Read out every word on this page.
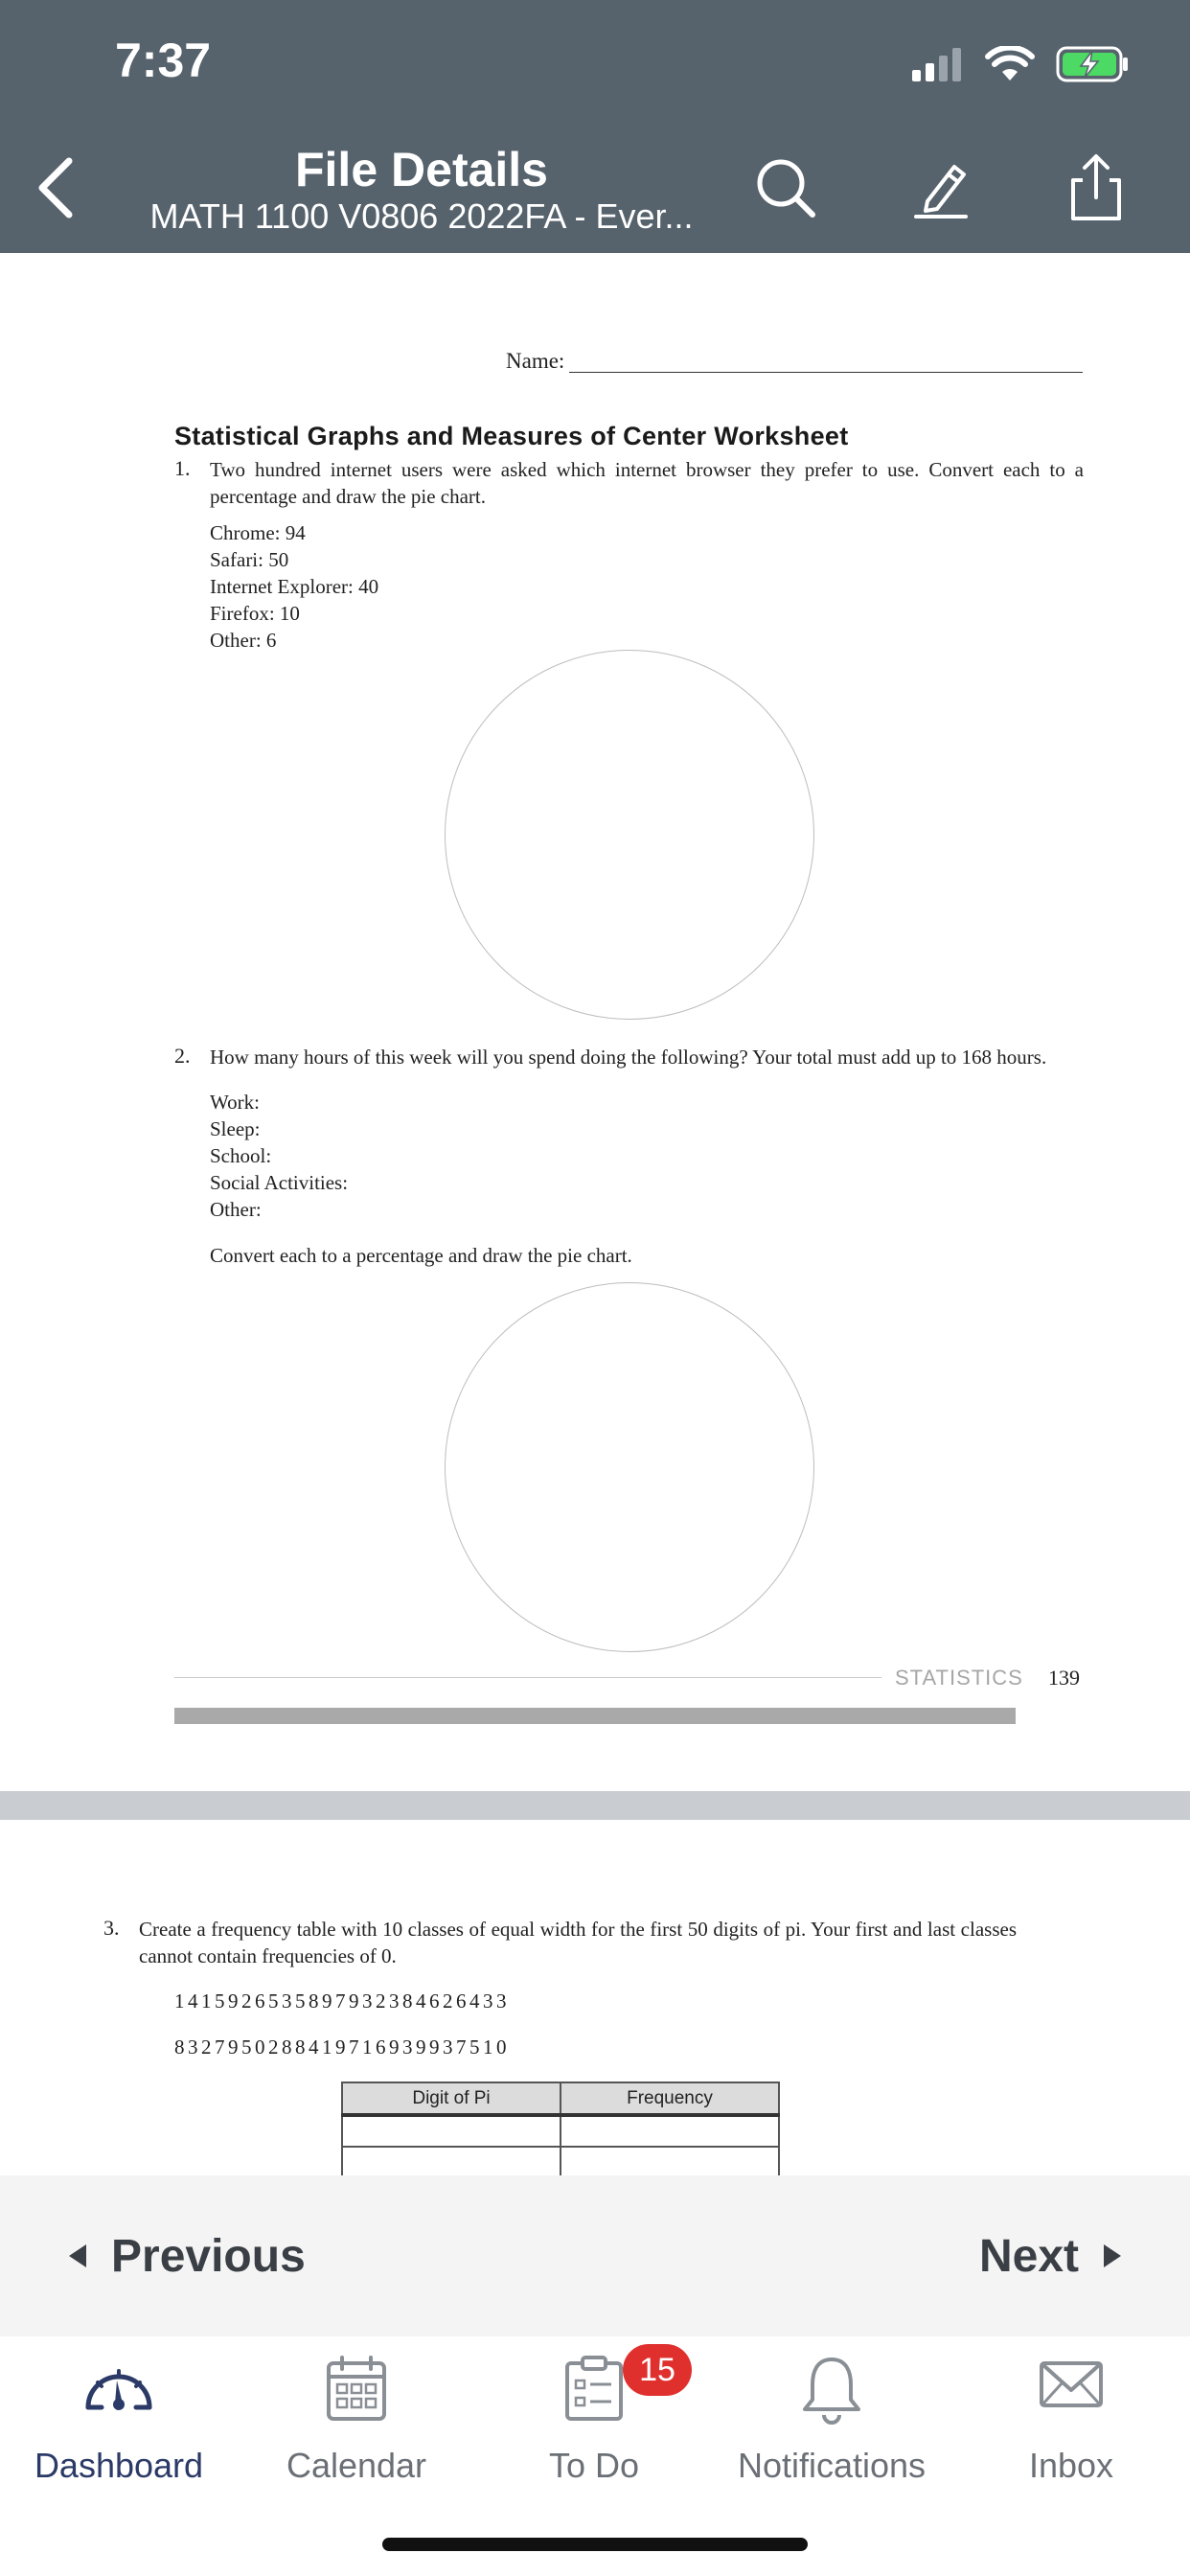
7:37
File Details
MATH 1100 V0806 2022FA - Ever...
Name:
Statistical Graphs and Measures of Center Worksheet
1. Two hundred internet users were asked which internet browser they prefer to use. Convert each to a percentage and draw the pie chart.
Chrome: 94
Safari: 50
Internet Explorer: 40
Firefox: 10
Other: 6
2. How many hours of this week will you spend doing the following? Your total must add up to 168 hours.
Work:
Sleep:
School:
Social Activities:
Other:
Convert each to a percentage and draw the pie chart.
STATISTICS 139
3. Create a frequency table with 10 classes of equal width for the first 50 digits of pi. Your first and last classes cannot contain frequencies of 0.
1415926535897932384626433
8327950288419716939937510
Digit of Pi	Frequency

Previous	Next
Dashboard	Calendar	To Do
15
Notifications	Inbox
